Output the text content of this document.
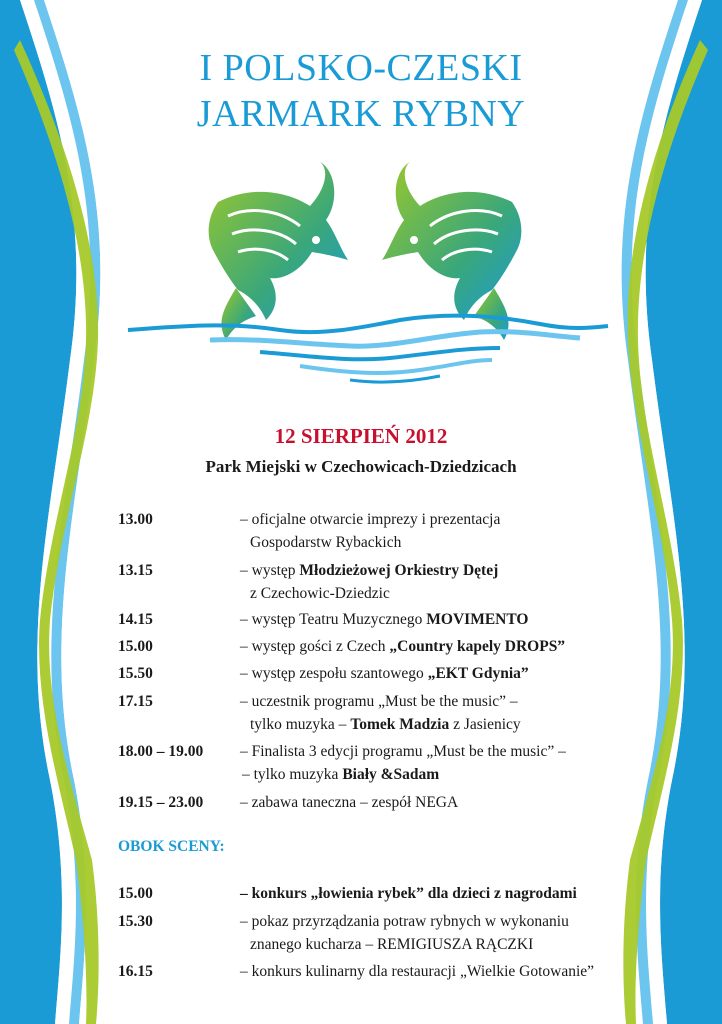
I POLSKO-CZESKI
JARMARK RYBNY
12 SIERPIEŃ 2012
Park Miejski w Czechowicach-Dziedzicach
13.00	– oficjalne otwarcie imprezy i prezentacja
Gospodarstw Rybackich
13.15	– występ Młodzieżowej Orkiestry Dętej
z Czechowic-Dziedzic
14.15	– występ Teatru Muzycznego MOVIMENTO
15.00	– występ gości z Czech „Country kapely DROPS”
15.50	– występ zespołu szantowego „EKT Gdynia”
17.15	– uczestnik programu „Must be the music” –
tylko muzyka – Tomek Madzia z Jasienicy
18.00 – 19.00 – Finalista 3 edycji programu „Must be the music” –
– tylko muzyka Biały &Sadam
19.15 – 23.00 – zabawa taneczna – zespół NEGA
OBOK SCENY:
15.00	– konkurs „łowienia rybek” dla dzieci z nagrodami
15.30	– pokaz przyrządzania potraw rybnych w wykonaniu
znanego kucharza – REMIGIUSZA RĄCZKI
16.15	– konkurs kulinarny dla restauracji „Wielkie Gotowanie”
